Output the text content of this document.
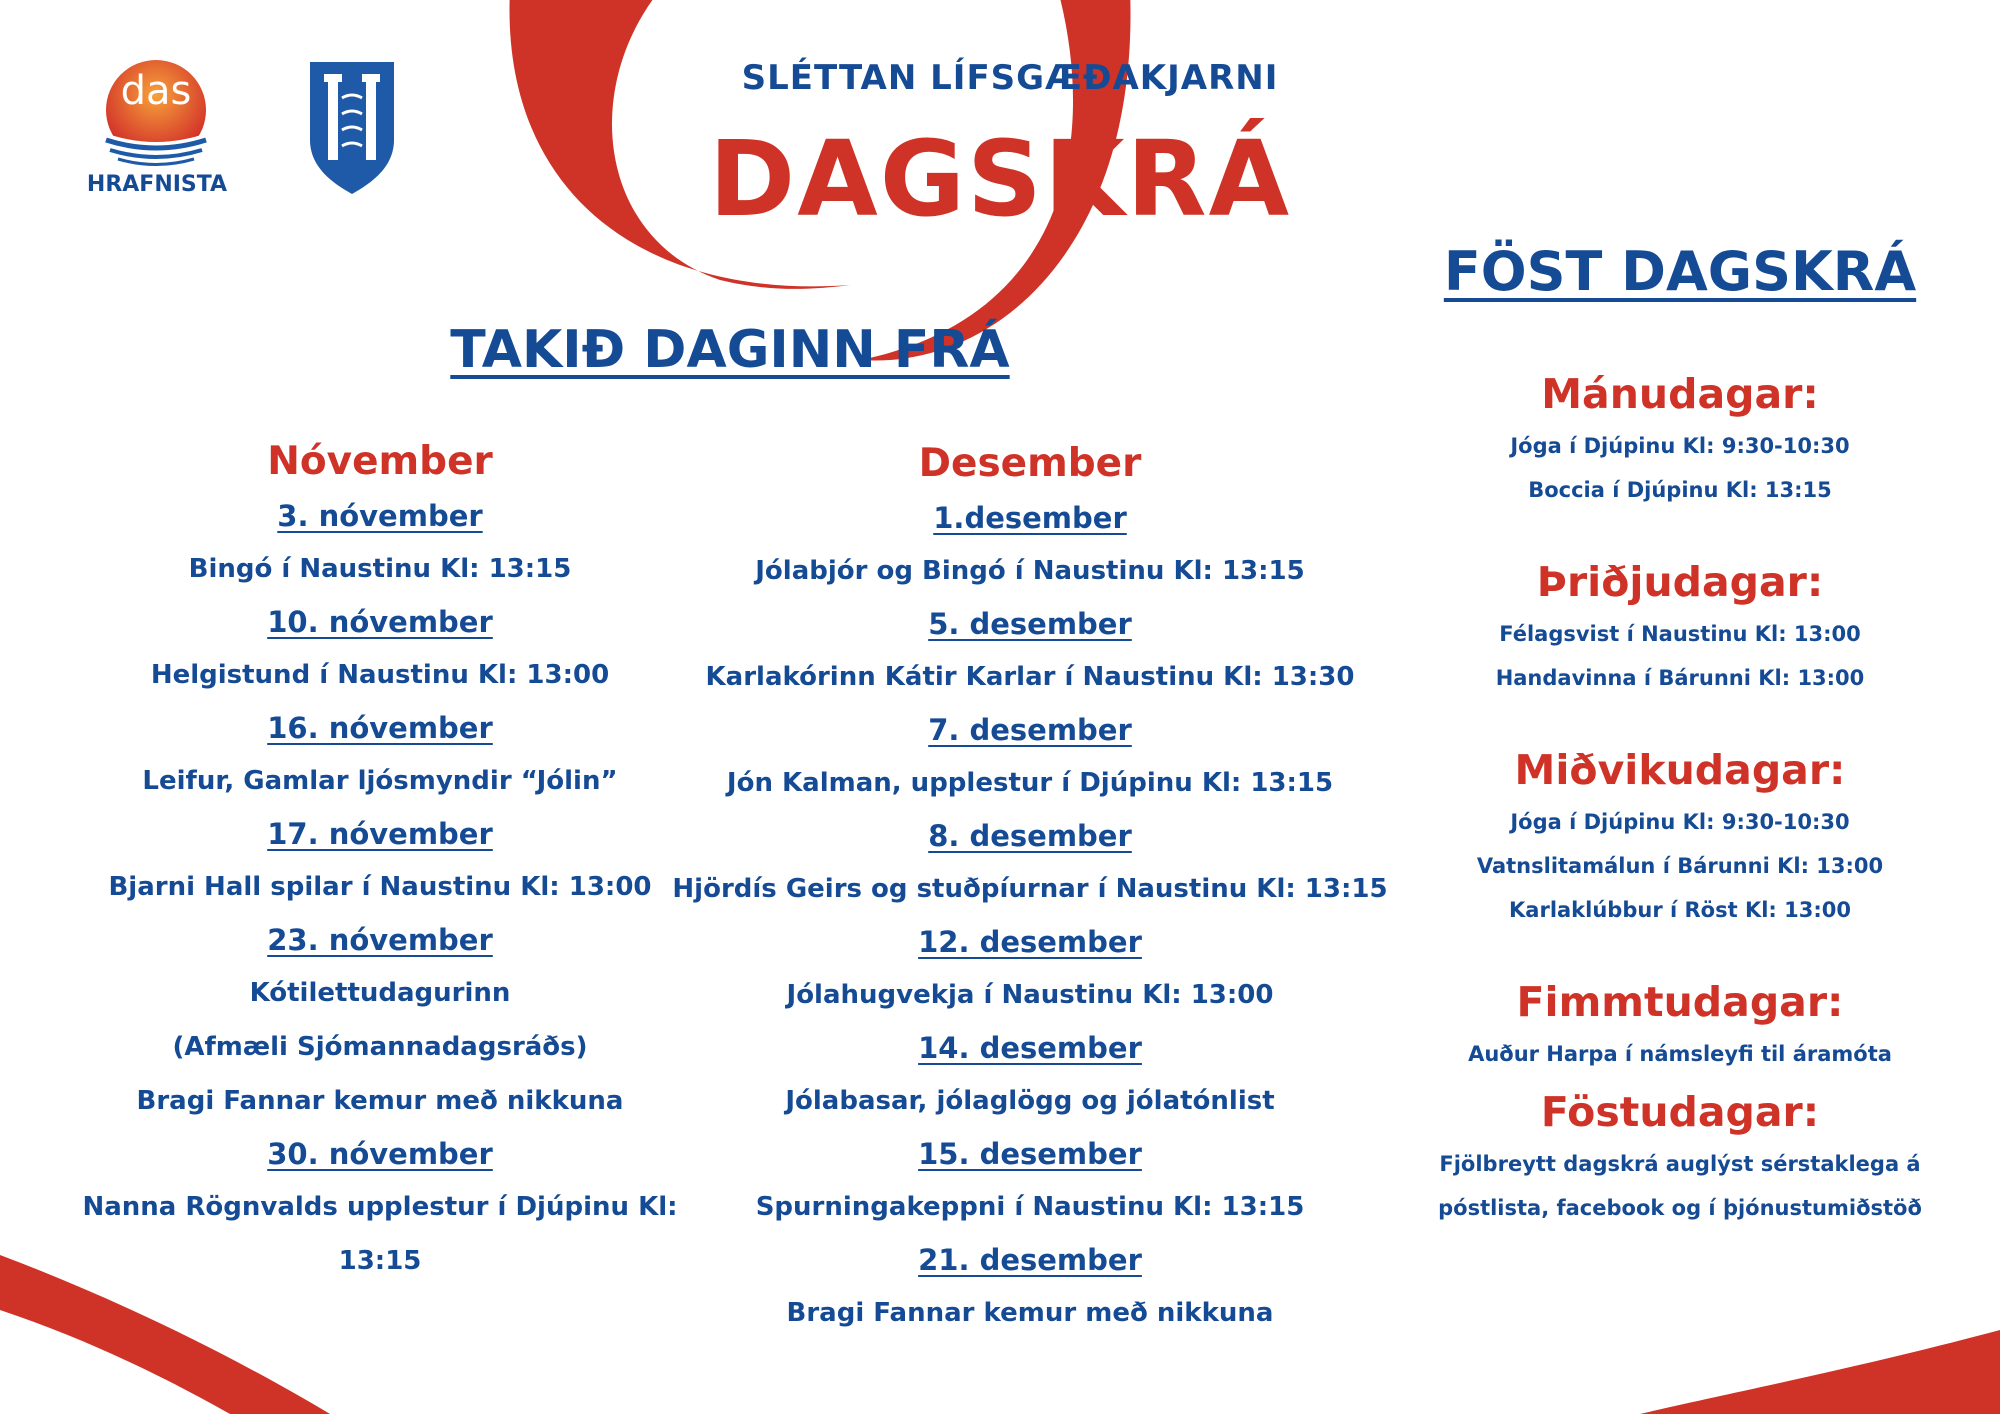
das
HRAFNISTA
SLÉTTAN LÍFSGÆÐAKJARNI
DAGSKRÁ
TAKIÐ DAGINN FRÁ
FÖST DAGSKRÁ
Nóvember
3. nóvember
Bingó í Naustinu Kl: 13:15
10. nóvember
Helgistund í Naustinu Kl: 13:00
16. nóvember
Leifur, Gamlar ljósmyndir “Jólin”
17. nóvember
Bjarni Hall spilar í Naustinu Kl: 13:00
23. nóvember
Kótilettudagurinn
(Afmæli Sjómannadagsráðs)
Bragi Fannar kemur með nikkuna
30. nóvember
Nanna Rögnvalds upplestur í Djúpinu Kl: 13:15
Desember
1.desember
Jólabjór og Bingó í Naustinu Kl: 13:15
5. desember
Karlakórinn Kátir Karlar í Naustinu Kl: 13:30
7. desember
Jón Kalman, upplestur í Djúpinu Kl: 13:15
8. desember
Hjördís Geirs og stuðpíurnar í Naustinu Kl: 13:15
12. desember
Jólahugvekja í Naustinu Kl: 13:00
14. desember
Jólabasar, jólaglögg og jólatónlist
15. desember
Spurningakeppni í Naustinu Kl: 13:15
21. desember
Bragi Fannar kemur með nikkuna
Mánudagar:
Jóga í Djúpinu Kl: 9:30-10:30
Boccia í Djúpinu Kl: 13:15
Þriðjudagar:
Félagsvist í Naustinu Kl: 13:00
Handavinna í Bárunni Kl: 13:00
Miðvikudagar:
Jóga í Djúpinu Kl: 9:30-10:30
Vatnslitamálun í Bárunni Kl: 13:00
Karlaklúbbur í Röst Kl: 13:00
Fimmtudagar:
Auður Harpa í námsleyfi til áramóta
Föstudagar:
Fjölbreytt dagskrá auglýst sérstaklega á
póstlista, facebook og í þjónustumiðstöð
